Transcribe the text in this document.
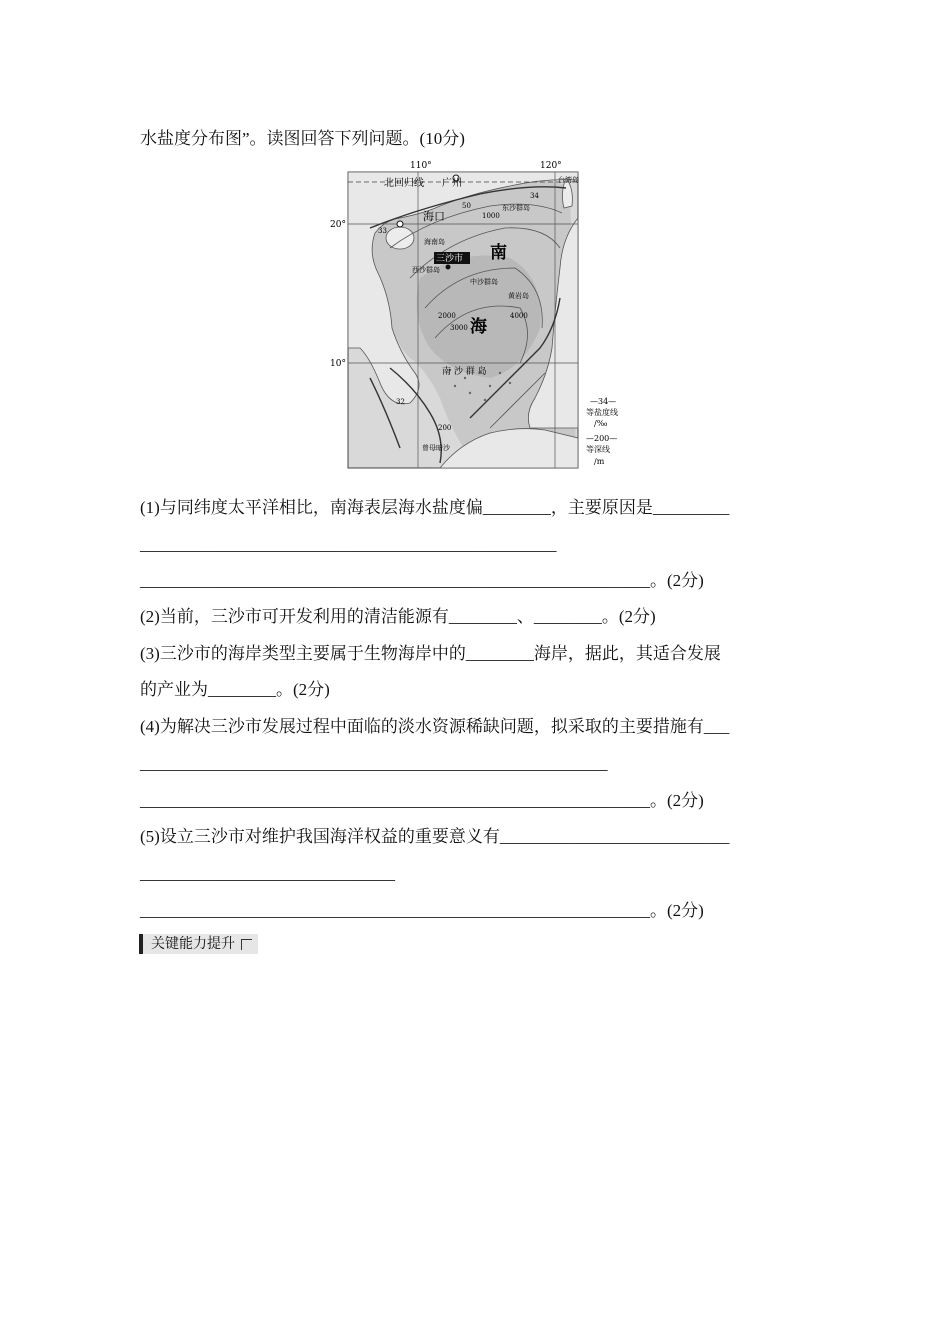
水盐度分布图”。读图回答下列问题。(10分)
110°	120°
20°
10°
北回归线 广州	台湾岛
海口
海南岛
东沙群岛
三沙市
西沙群岛
中沙群岛
黄岩岛
南
海
南 沙 群 岛
曾母暗沙
33
34
32
50
200
1000
2000
3000
4000
—34—
等盐度线
/‰
—200—
等深线
/m
(1)与同纬度太平洋相比，南海表层海水盐度偏________，主要原因是_________
_________________________________________________
____________________________________________________________。(2分)
(2)当前，三沙市可开发利用的清洁能源有________、________。(2分)
(3)三沙市的海岸类型主要属于生物海岸中的________海岸，据此，其适合发展
的产业为________。(2分)
(4)为解决三沙市发展过程中面临的淡水资源稀缺问题，拟采取的主要措施有___
_______________________________________________________
____________________________________________________________。(2分)
(5)设立三沙市对维护我国海洋权益的重要意义有___________________________
______________________________
____________________________________________________________。(2分)
关键能力提升
